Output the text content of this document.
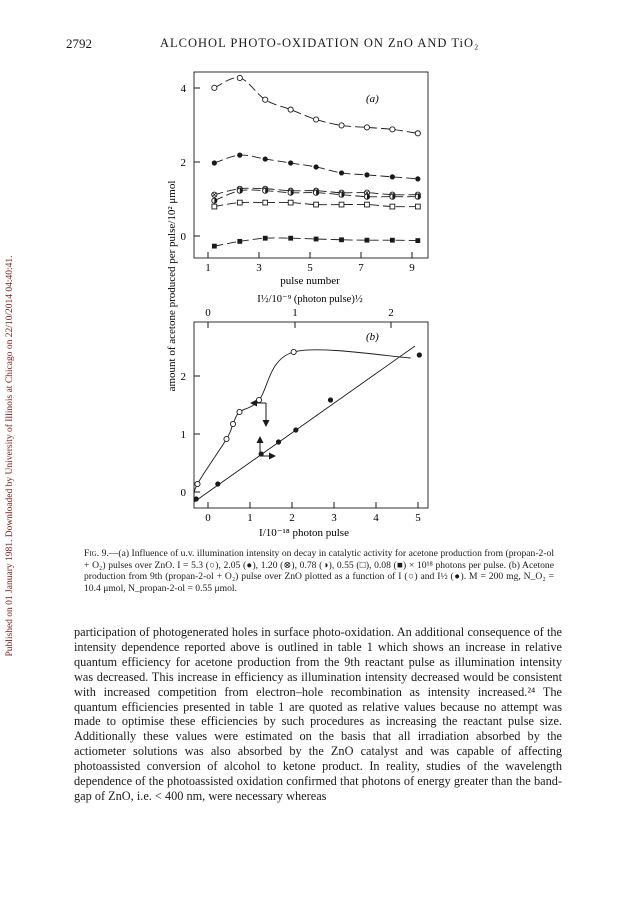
Published on 01 January 1981. Downloaded by University of Illinois at Chicago on 22/10/2014 04:40:41.
2792	ALCOHOL PHOTO-OXIDATION ON ZnO AND TiO₂
amount of acetone produced per pulse/10² μmol
(a)
1	3	5	7	9
pulse number
0
2
4
I½/10⁻⁹ (photon pulse)½
0	1	2
(b)
0	1	2	3	4	5
I/10⁻¹⁸ photon pulse
0
1
2
Fig. 9.—(a) Influence of u.v. illumination intensity on decay in catalytic activity for acetone production from (propan-2-ol + O₂) pulses over ZnO. I = 5.3 (○), 2.05 (●), 1.20 (⊗), 0.78 (◑), 0.55 (□), 0.08 (■) × 10¹⁸ photons per pulse. (b) Acetone production from 9th (propan-2-ol + O₂) pulse over ZnO plotted as a function of I (○) and I½ (●). M = 200 mg, N_O₂ = 10.4 μmol, N_propan-2-ol = 0.55 μmol.
participation of photogenerated holes in surface photo-oxidation. An additional consequence of the intensity dependence reported above is outlined in table 1 which shows an increase in relative quantum efficiency for acetone production from the 9th reactant pulse as illumination intensity was decreased. This increase in efficiency as illumination intensity decreased would be consistent with increased competition from electron–hole recombination as intensity increased.²⁴ The quantum efficiencies presented in table 1 are quoted as relative values because no attempt was made to optimise these efficiencies by such procedures as increasing the reactant pulse size. Additionally these values were estimated on the basis that all irradiation absorbed by the actiometer solutions was also absorbed by the ZnO catalyst and was capable of affecting photoassisted conversion of alcohol to ketone product. In reality, studies of the wavelength dependence of the photoassisted oxidation confirmed that photons of energy greater than the band-gap of ZnO, i.e. < 400 nm, were necessary whereas
